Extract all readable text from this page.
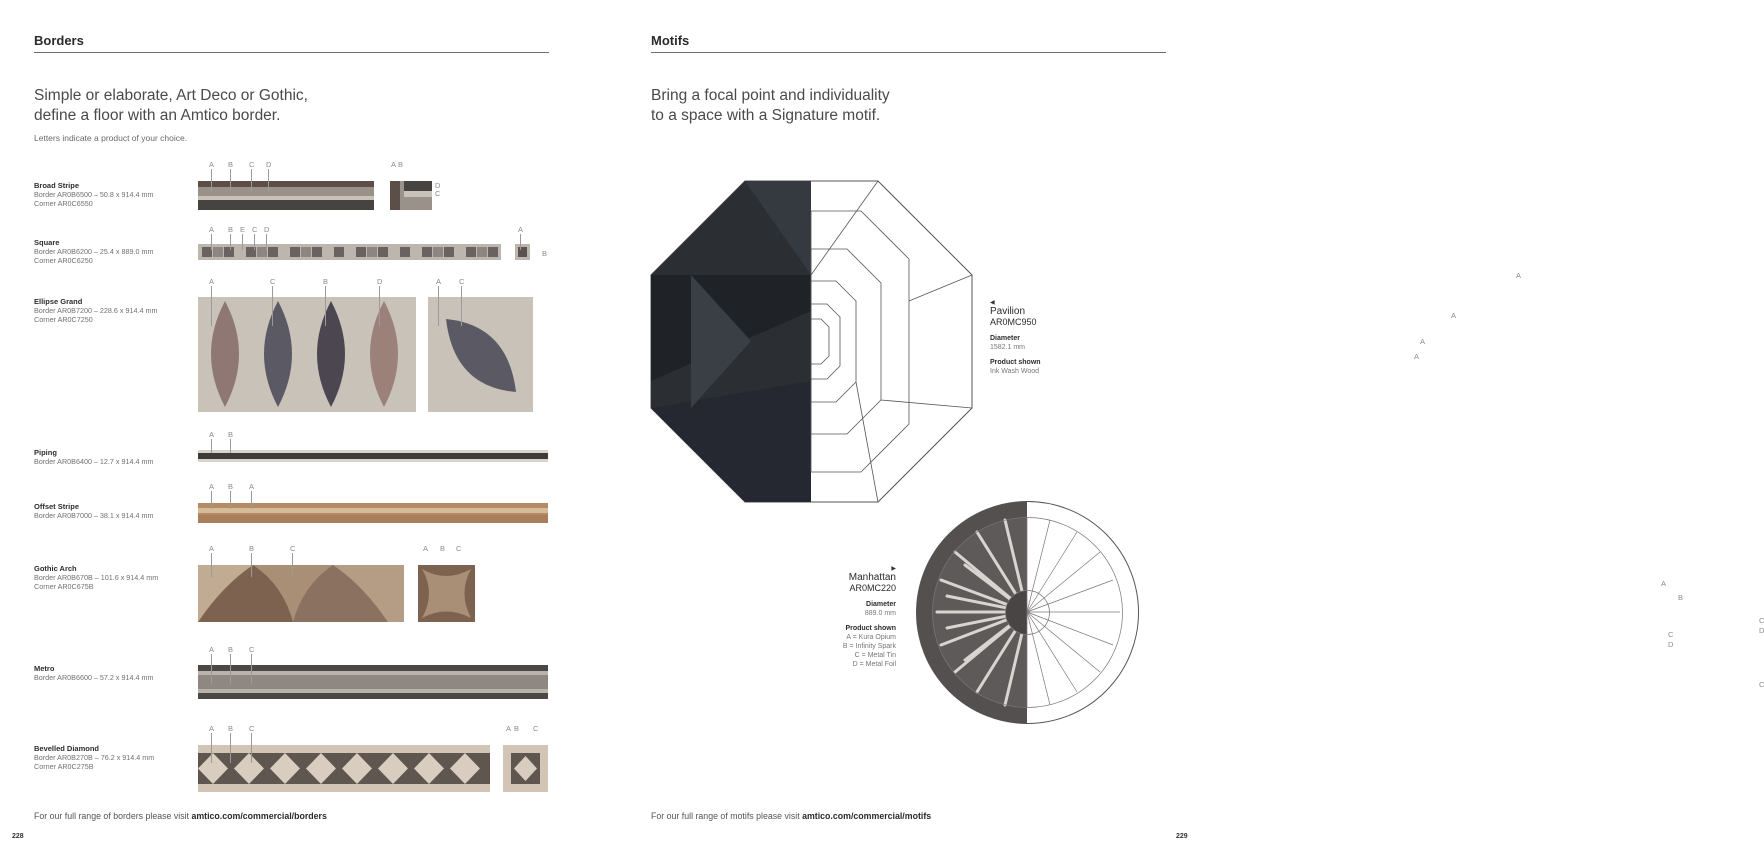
Borders
Simple or elaborate, Art Deco or Gothic,
define a floor with an Amtico border.
Letters indicate a product of your choice.
Broad Stripe
Border AR0B6500 – 50.8 x 914.4 mm
Corner AR0C6550
Square
Border AR0B6200 – 25.4 x 889.0 mm
Corner AR0C6250
Ellipse Grand
Border AR0B7200 – 228.6 x 914.4 mm
Corner AR0C7250
Piping
Border AR0B6400 – 12.7 x 914.4 mm
Offset Stripe
Border AR0B7000 – 38.1 x 914.4 mm
Gothic Arch
Border AR0B670B – 101.6 x 914.4 mm
Corner AR0C675B
Metro
Border AR0B6600 – 57.2 x 914.4 mm
Bevelled Diamond
Border AR0B270B – 76.2 x 914.4 mm
Corner AR0C275B
A B C D	A B
D
C
A B E C D	A
B
A	C	B	D	A C
A B
A B A
A	B	C	A B C
A B C
A B C	A B C
For our full range of borders please visit amtico.com/commercial/borders
228
Motifs
Bring a focal point and individuality
to a space with a Signature motif.
A
A
A
A
◀
Pavilion
AR0MC950
Diameter
1582.1 mm
Product shown
Ink Wash Wood
A
B
C
D
C
D
C
▶
Manhattan
AR0MC220
Diameter
889.0 mm
Product shown
A = Kura Opium
B = Infinity Spark
C = Metal Tin
D = Metal Foil
For our full range of motifs please visit amtico.com/commercial/motifs
229
